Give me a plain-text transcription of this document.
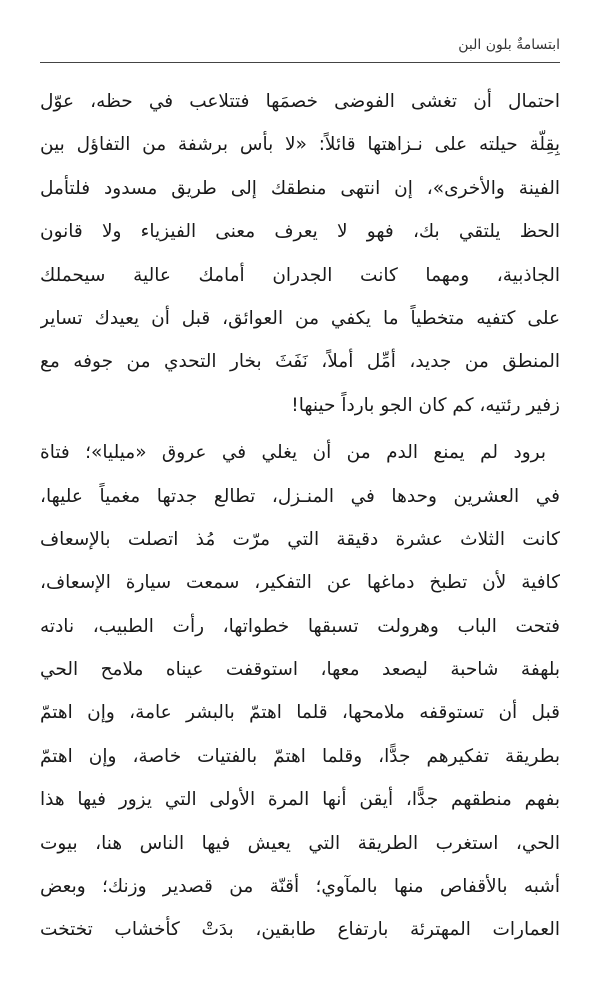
ابتسامةٌ بلون البن
احتمال أن تغشى الفوضى خصمَها فتتلاعب في حظه، عوّل
بِقِلّة حيلته على نـزاهتها قائلاً: «لا بأس برشفة من التفاؤل بين
الفينة والأخرى»، إن انتهى منطقك إلى طريق مسدود فلتأمل
الحظ يلتقي بك، فهو لا يعرف معنى الفيزياء ولا قانون
الجاذبية، ومهما كانت الجدران أمامك عالية سيحملك
على كتفيه متخطياً ما يكفي من العوائق، قبل أن يعيدك تساير
المنطق من جديد، أمِّل أملاً، نَفَثَ بخار التحدي من جوفه مع
زفير رئتيه، كم كان الجو بارداً حينها!
برود لم يمنع الدم من أن يغلي في عروق «ميليا»؛ فتاة
في العشرين وحدها في المنـزل، تطالع جدتها مغمياً عليها،
كانت الثلاث عشرة دقيقة التي مرّت مُذ اتصلت بالإسعاف
كافية لأن تطبخ دماغها عن التفكير، سمعت سيارة الإسعاف،
فتحت الباب وهرولت تسبقها خطواتها، رأت الطبيب، نادته
بلهفة شاحبة ليصعد معها، استوقفت عيناه ملامح الحي
قبل أن تستوقفه ملامحها، قلما اهتمّ بالبشر عامة، وإن اهتمّ
بطريقة تفكيرهم جدًّا، وقلما اهتمّ بالفتيات خاصة، وإن اهتمّ
بفهم منطقهم جدًّا، أيقن أنها المرة الأولى التي يزور فيها هذا
الحي، استغرب الطريقة التي يعيش فيها الناس هنا، بيوت
أشبه بالأقفاص منها بالمآوي؛ أقنّة من قصدير وزنك؛ وبعض
العمارات المهترئة بارتفاع طابقين، بدَتْ كأخشاب تختخت
